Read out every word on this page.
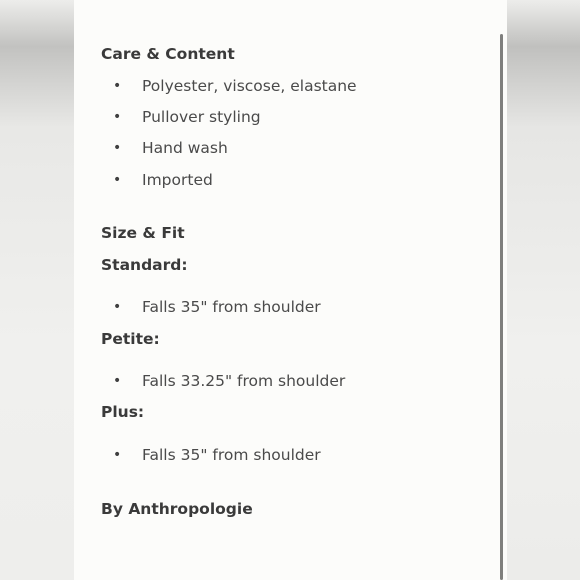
Care & Content
•	Polyester, viscose, elastane
•	Pullover styling
•	Hand wash
•	Imported
Size & Fit
Standard:
•	Falls 35" from shoulder
Petite:
•	Falls 33.25" from shoulder
Plus:
•	Falls 35" from shoulder
By Anthropologie
